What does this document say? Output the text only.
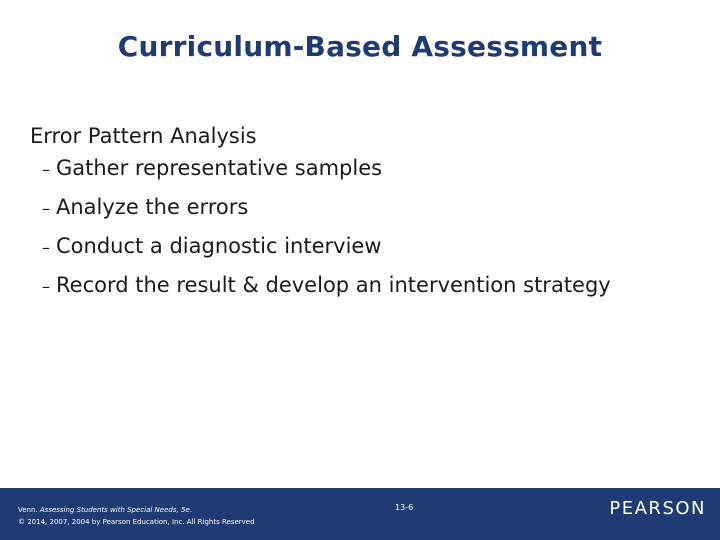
Curriculum-Based Assessment

Error Pattern Analysis

– Gather representative samples
– Analyze the errors
– Conduct a diagnostic interview
– Record the result & develop an intervention strategy
Venn. Assessing Students with Special Needs, 5e.
© 2014, 2007, 2004 by Pearson Education, Inc. All Rights Reserved
13-6	PEARSON
